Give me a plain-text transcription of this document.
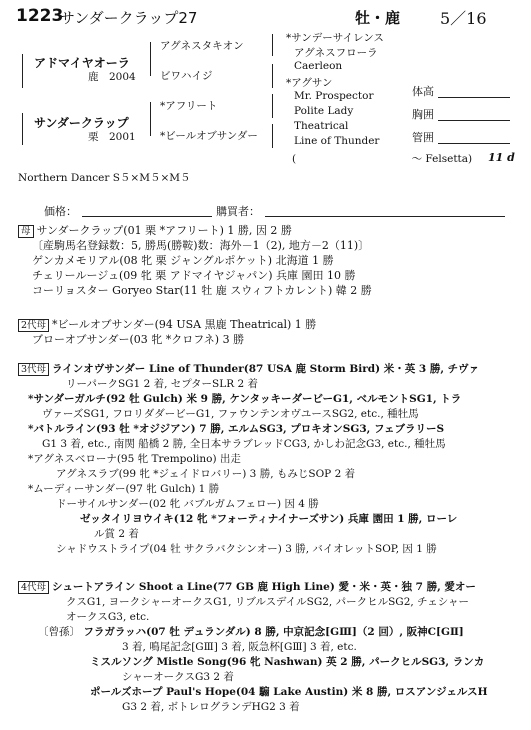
1223
サンダークラップ27	牡・鹿 5／16
アドマイヤオーラ
鹿　2004
サンダークラップ
栗　2001
アグネスタキオン
ビワハイジ
*アフリート
*ビールオブサンダー
*サンデーサイレンス
アグネスフローラ
Caerleon
*アグサン
Mr. Prospector
Polite Lady
Theatrical
Line of Thunder
(　　　　　　　　　　　～ Felsetta) 11 d
体高
胸囲
管囲
Northern Dancer S５×M５×M５
価格：	購買者：
母 サンダークラップ(01 栗 *アフリート) 1 勝, 因 2 勝
〔産駒馬名登録数：5, 勝馬(勝鞍)数：海外－1（2), 地方－2（11)〕
ゲンカメモリアル(08 牝 栗 ジャングルポケット) 北海道 1 勝
チェリールージュ(09 牝 栗 アドマイヤジャパン) 兵庫 園田 10 勝
コーリョスター Goryeo Star(11 牡 鹿 スウィフトカレント) 韓 2 勝
2代母 *ビールオブサンダー(94 USA 黒鹿 Theatrical) 1 勝
ブローオブサンダー(03 牝 *クロフネ) 3 勝
3代母 ラインオヴサンダー Line of Thunder(87 USA 鹿 Storm Bird) 米・英 3 勝, チヴァ
リーパークSG1 2 着, セプターSLR 2 着
*サンダーガルチ(92 牡 Gulch) 米 9 勝, ケンタッキーダービーG1, ベルモントSG1, トラ
ヴァーズSG1, フロリダダービーG1, ファウンテンオヴユースSG2, etc., 種牡馬
*バトルライン(93 牡 *オジジアン) 7 勝, エルムSG3, プロキオンSG3, フェブラリーS
G1 3 着, etc., 南関 船橋 2 勝, 全日本サラブレッドCG3, かしわ記念G3, etc., 種牡馬
*アグネスベローナ(95 牝 Trempolino) 出走
アグネスラブ(99 牝 *ジェイドロバリー) 3 勝, もみじSOP 2 着
*ムーディーサンダー(97 牝 Gulch) 1 勝
ドーサイルサンダー(02 牝 バブルガムフェロー) 因 4 勝
ゼッタイリヨウイキ(12 牝 *フォーティナイナーズサン) 兵庫 園田 1 勝, ローレ
ル賞 2 着
シャドウストライプ(04 牡 サクラバクシンオー) 3 勝, バイオレットSOP, 因 1 勝
4代母 シュートアライン Shoot a Line(77 GB 鹿 High Line) 愛・米・英・独 7 勝, 愛オー
クスG1, ヨークシャーオークスG1, リブルスデイルSG2, パークヒルSG2, チェシャー
オークスG3, etc.
〔曾孫〕 フラガラッハ(07 牡 デュランダル) 8 勝, 中京記念[GⅢ]（2 回）, 阪神C[GⅡ]
3 着, 鳴尾記念[GⅢ] 3 着, 阪急杯[GⅢ] 3 着, etc.
ミスルソング Mistle Song(96 牝 Nashwan) 英 2 勝, パークヒルSG3, ランカ
シャーオークスG3 2 着
ポールズホープ Paul's Hope(04 騸 Lake Austin) 米 8 勝, ロスアンジェルスH
G3 2 着, ボトレログランデHG2 3 着
